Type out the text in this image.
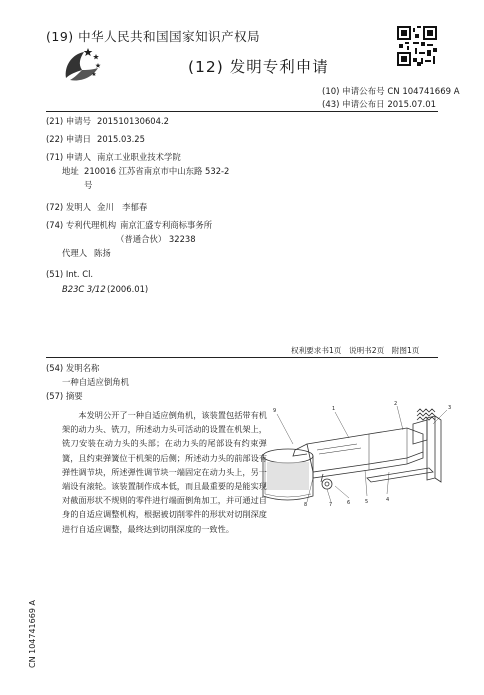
(19) 中华人民共和国国家知识产权局
(12) 发明专利申请
(10) 申请公布号 CN 104741669 A
(43) 申请公布日 2015.07.01
(21) 申请号 201510130604.2
(22) 申请日 2015.03.25
(71) 申请人 南京工业职业技术学院
地址 210016 江苏省南京市中山东路 532-2
号
(72) 发明人 金川　李郁春
(74) 专利代理机构 南京汇盛专利商标事务所
（普通合伙） 32238
代理人 陈扬
(51) Int. Cl.
B23C 3/12 (2006.01)
权利要求书1页　说明书2页　附图1页
(54) 发明名称
一种自适应倒角机
(57) 摘要
本发明公开了一种自适应倒角机，该装置包括带有机架的动力头、铣刀，所述动力头可活动的设置在机架上，铣刀安装在动力头的头部；在动力头的尾部设有约束弹簧，且约束弹簧位于机架的后侧；所述动力头的前部设有弹性调节块，所述弹性调节块一端固定在动力头上，另一端设有滚轮。该装置制作成本低，而且最重要的是能实现对截面形状不规则的零件进行端面倒角加工，并可通过自身的自适应调整机构，根据被切削零件的形状对切削深度进行自适应调整，最终达到切削深度的一致性。
9	1
2
3
4
5
6
7
8
CN 104741669 A
